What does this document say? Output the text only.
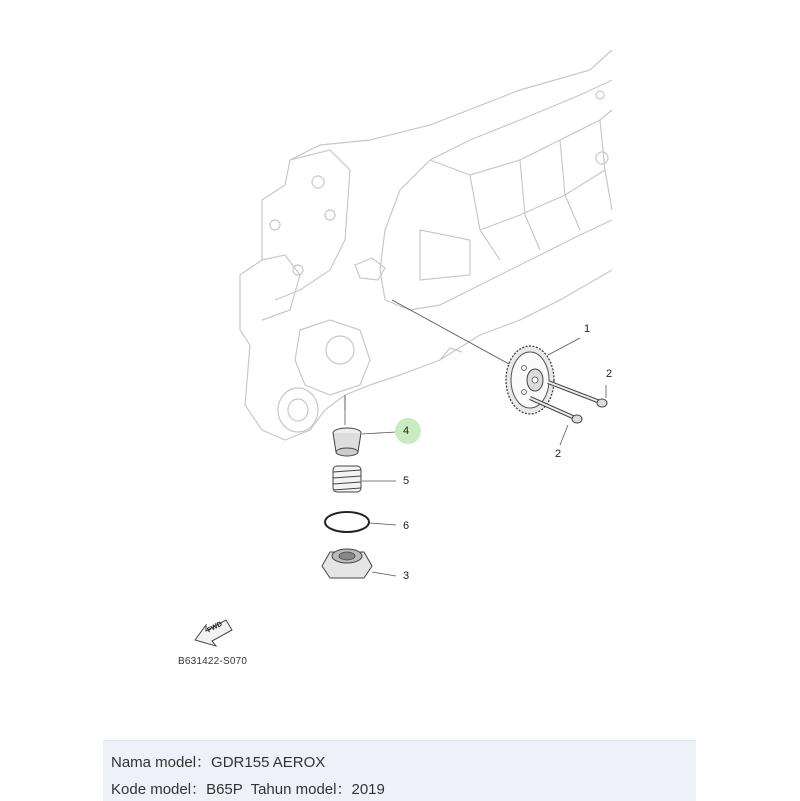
1
2
2
4
5
6
3
FWD
B631422-S070
Nama model：GDR155 AEROX
Kode model：B65P Tahun model：2019
